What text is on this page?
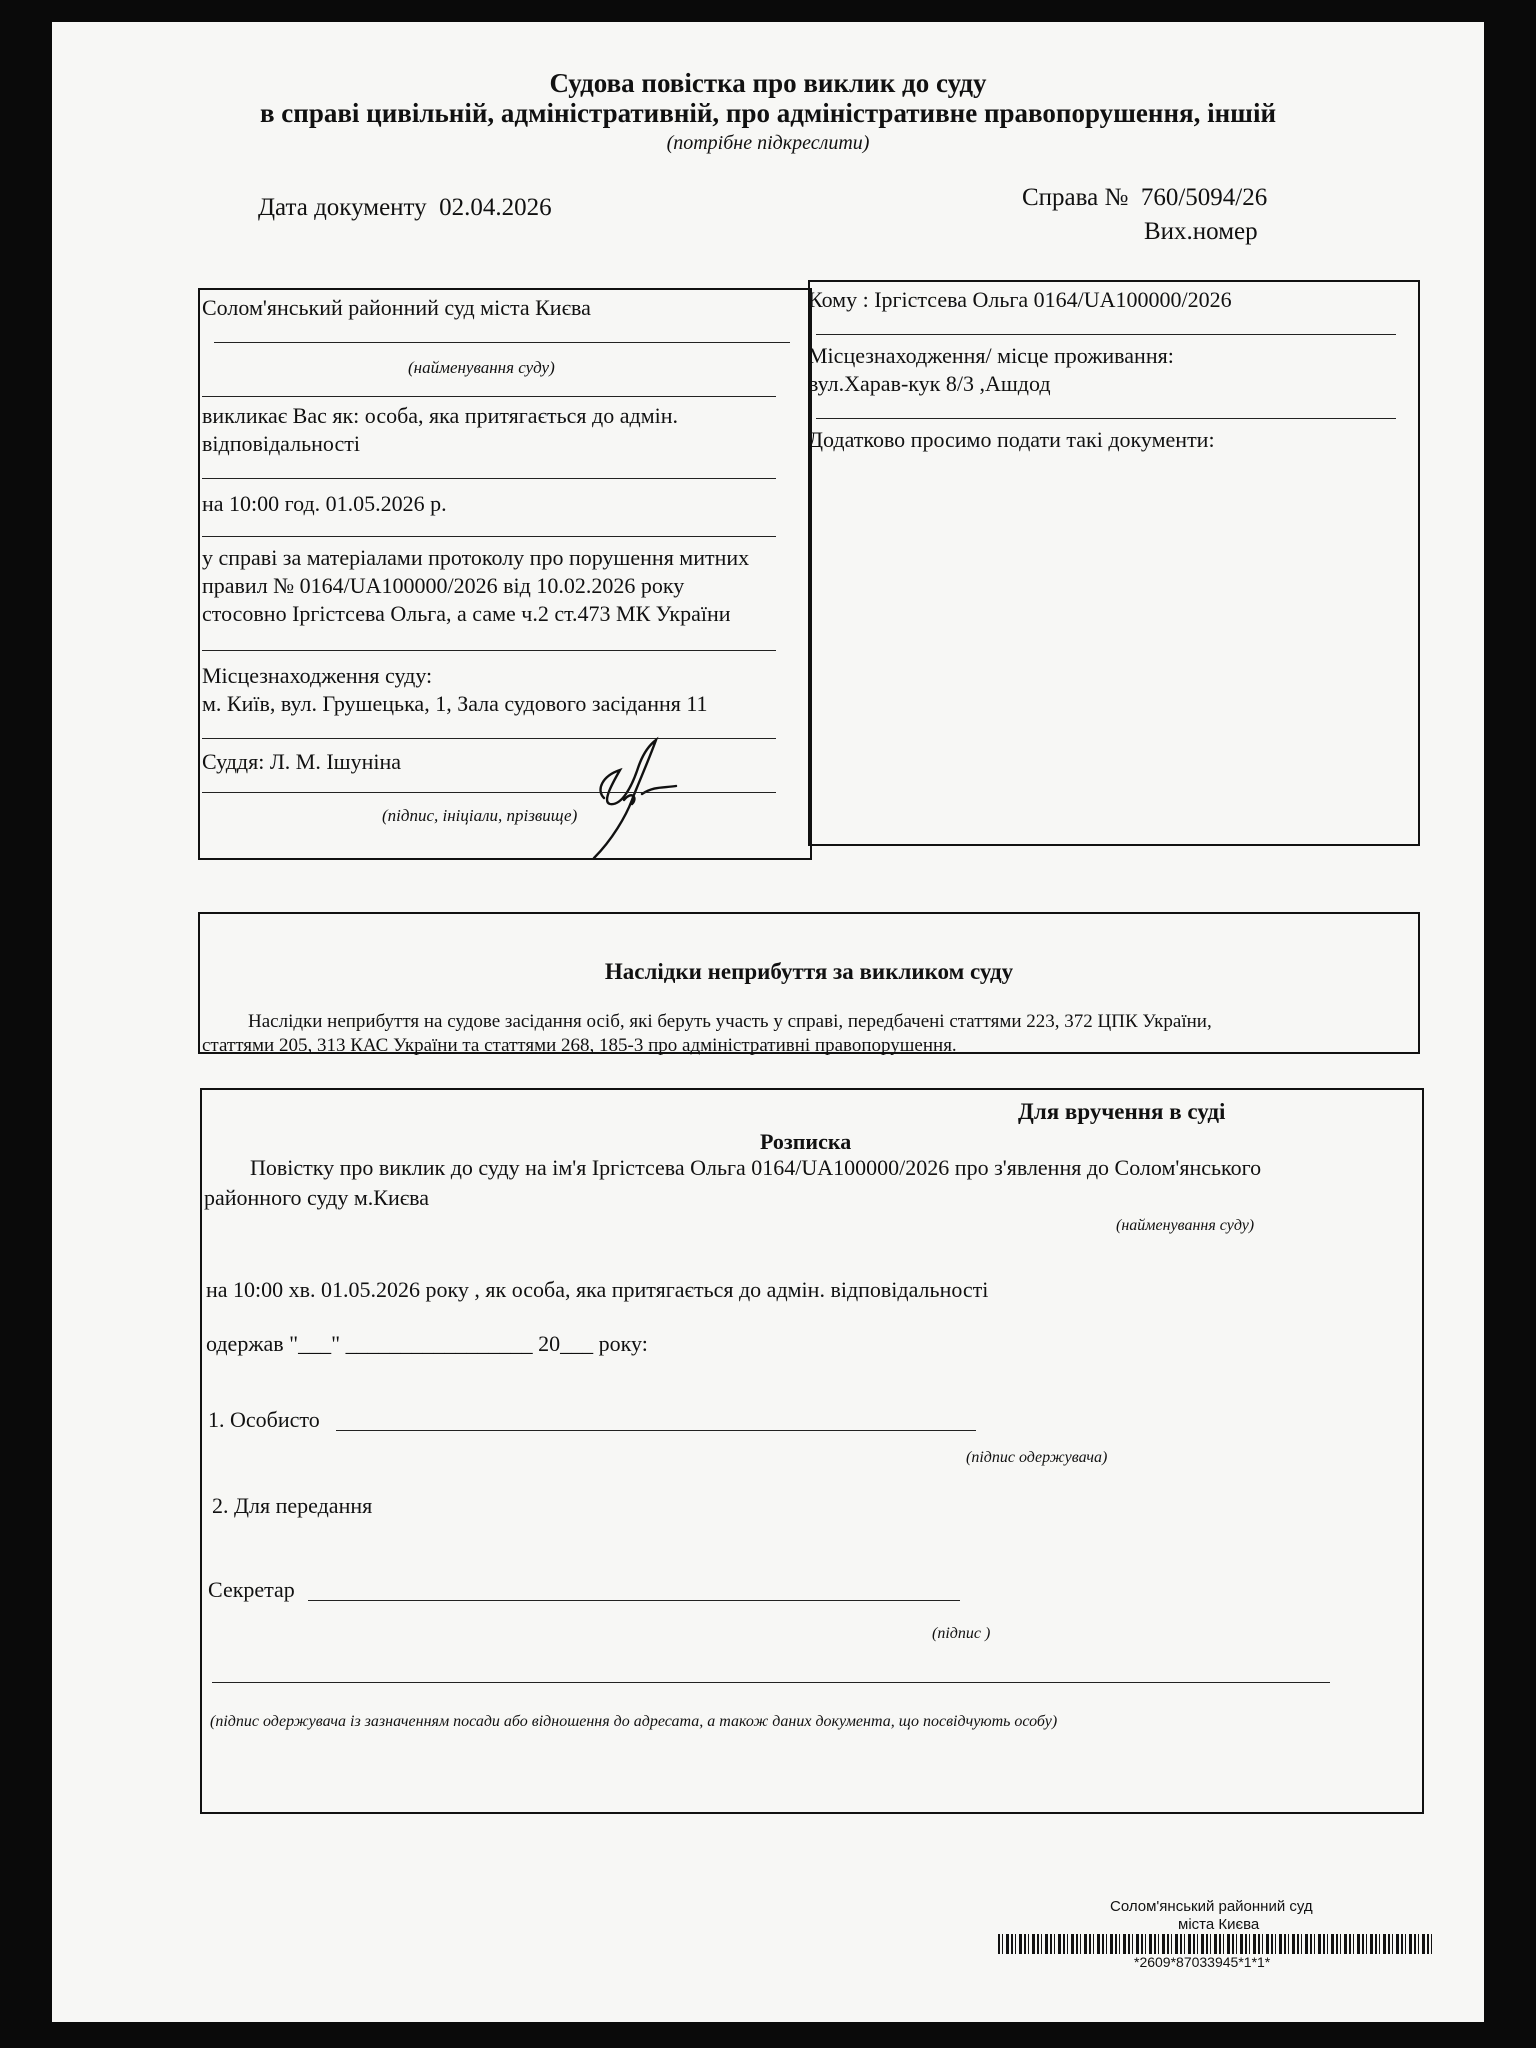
Судова повістка про виклик до суду
в справі цивільній, адміністративній, про адміністративне правопорушення, іншій
(потрібне підкреслити)
Дата документу 02.04.2026	Справа № 760/5094/26
Вих.номер
Солом'янський районний суд міста Києва
(найменування суду)
викликає Вас як: особа, яка притягається до адмін.
відповідальності
на 10:00 год. 01.05.2026 р.
у справі за матеріалами протоколу про порушення митних
правил № 0164/UA100000/2026 від 10.02.2026 року
стосовно Іргістсева Ольга, а саме ч.2 ст.473 МК України
Місцезнаходження суду:
м. Київ, вул. Грушецька, 1, Зала судового засідання 11
Суддя: Л. М. Ішуніна
(підпис, ініціали, прізвище)
Кому : Іргістсева Ольга 0164/UA100000/2026
Місцезнаходження/ місце проживання:
вул.Харав-кук 8/3 ,Ашдод
Додатково просимо подати такі документи:
Наслідки неприбуття за викликом суду
Наслідки неприбуття на судове засідання осіб, які беруть участь у справі, передбачені статтями 223, 372 ЦПК України,
статтями 205, 313 КАС України та статтями 268, 185-3 про адміністративні правопорушення.
Для вручення в суді
Розписка
Повістку про виклик до суду на ім'я Іргістсева Ольга 0164/UA100000/2026 про з'явлення до Солом'янського
районного суду м.Києва
(найменування суду)
на 10:00 хв. 01.05.2026 року , як особа, яка притягається до адмін. відповідальності
одержав "___" _________________ 20___ року:
1. Особисто
(підпис одержувача)
2. Для передання
Секретар
(підпис )
(підпис одержувача із зазначенням посади або відношення до адресата, а також даних документа, що посвідчують особу)
Солом'янський районний суд
міста Києва
*2609*87033945*1*1*
